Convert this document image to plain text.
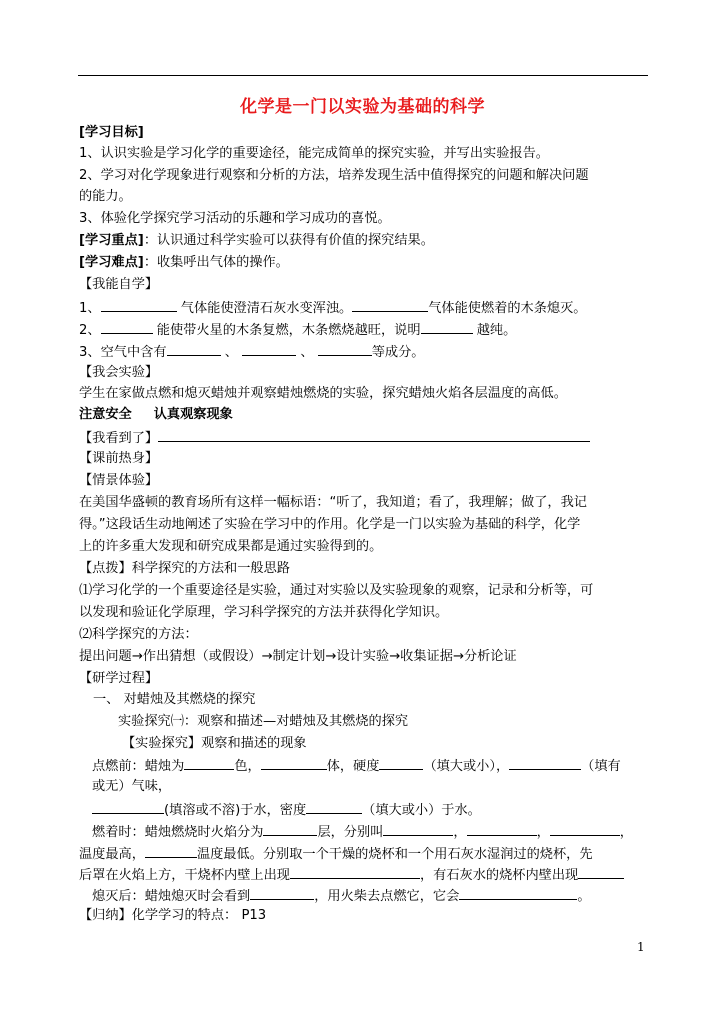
化学是一门以实验为基础的科学
[学习目标]
1、认识实验是学习化学的重要途径，能完成简单的探究实验，并写出实验报告。
2、学习对化学现象进行观察和分析的方法，培养发现生活中值得探究的问题和解决问题
的能力。
3、体验化学探究学习活动的乐趣和学习成功的喜悦。
[学习重点]：认识通过科学实验可以获得有价值的探究结果。
[学习难点]：收集呼出气体的操作。
【我能自学】
1、	气体能使澄清石灰水变浑浊。	气体能使燃着的木条熄灭。
2、	能使带火星的木条复燃，木条燃烧越旺，说明	越纯。
3、空气中含有	、	、	等成分。
【我会实验】
学生在家做点燃和熄灭蜡烛并观察蜡烛燃烧的实验，探究蜡烛火焰各层温度的高低。
注意安全 认真观察现象
【我看到了】
【课前热身】
【情景体验】
在美国华盛顿的教育场所有这样一幅标语：“听了，我知道；看了，我理解；做了，我记
得。”这段话生动地阐述了实验在学习中的作用。化学是一门以实验为基础的科学，化学
上的许多重大发现和研究成果都是通过实验得到的。
【点拨】科学探究的方法和一般思路
⑴学习化学的一个重要途径是实验，通过对实验以及实验现象的观察，记录和分析等，可
以发现和验证化学原理，学习科学探究的方法并获得化学知识。
⑵科学探究的方法：
提出问题→作出猜想（或假设）→制定计划→设计实验→收集证据→分析论证
【研学过程】
一、 对蜡烛及其燃烧的探究
实验探究㈠：观察和描述—对蜡烛及其燃烧的探究
【实验探究】观察和描述的现象
点燃前：蜡烛为	色，	体，硬度	（填大或小），	（填有
或无）气味，
(填溶或不溶)于水，密度	（填大或小）于水。
燃着时：蜡烛燃烧时火焰分为	层，分别叫	，	，	，
温度最高，	温度最低。分别取一个干燥的烧杯和一个用石灰水湿润过的烧杯，先
后罩在火焰上方，干烧杯内壁上出现	，有石灰水的烧杯内壁出现
熄灭后：蜡烛熄灭时会看到	，用火柴去点燃它，它会	。
【归纳】化学学习的特点： P13
1
